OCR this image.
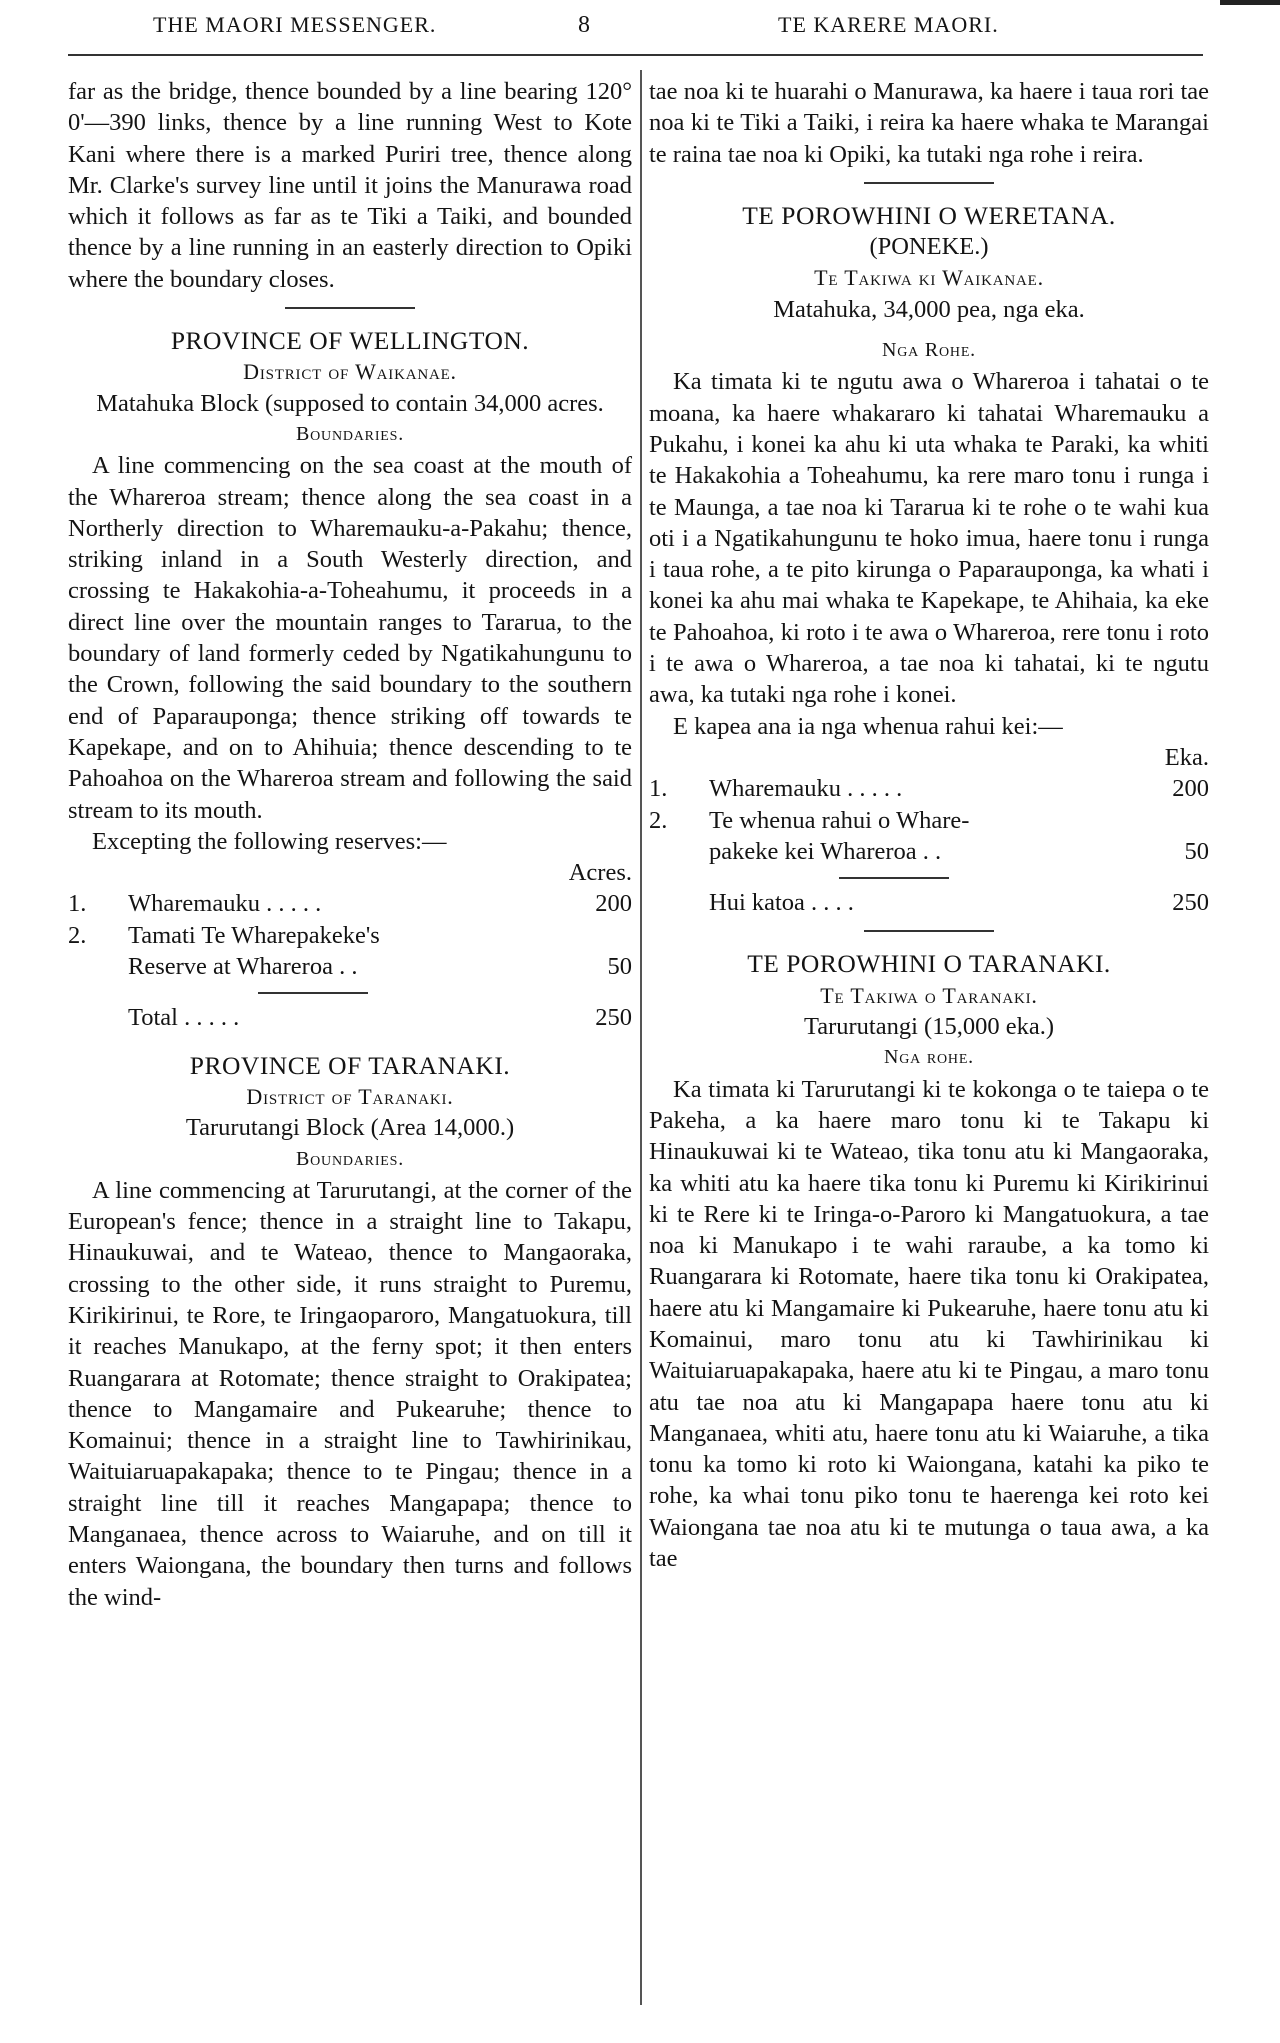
THE MAORI MESSENGER.	8	TE KARERE MAORI.

far as the bridge, thence bounded by a line bearing 120° 0'—390 links, thence by a line running West to Kote Kani where there is a marked Puriri tree, thence along Mr. Clarke's survey line until it joins the Manurawa road which it follows as far as te Tiki a Taiki, and bounded thence by a line running in an easterly direction to Opiki where the boundary closes.

PROVINCE OF WELLINGTON.
District of Waikanae.
Matahuka Block (supposed to contain 34,000 acres.
Boundaries.

A line commencing on the sea coast at the mouth of the Whareroa stream; thence along the sea coast in a Northerly direction to Wharemauku-a-Pakahu; thence, striking inland in a South Westerly direction, and crossing te Hakakohia-a-Toheahumu, it proceeds in a direct line over the mountain ranges to Tararua, to the boundary of land formerly ceded by Ngatikahungunu to the Crown, following the said boundary to the southern end of Paparauponga; thence striking off towards te Kapekape, and on to Ahihuia; thence descending to te Pahoahoa on the Whareroa stream and following the said stream to its mouth.

Excepting the following reserves:—

Acres.
1.	Wharemauku . . . . .	200
2.	Tamati Te Wharepakeke's
Reserve at Whareroa . .	50
Total . . . . .	250
PROVINCE OF TARANAKI.
District of Taranaki.
Tarurutangi Block (Area 14,000.)
Boundaries.

A line commencing at Tarurutangi, at the corner of the European's fence; thence in a straight line to Takapu, Hinaukuwai, and te Wateao, thence to Mangaoraka, crossing to the other side, it runs straight to Puremu, Kirikirinui, te Rore, te Iringaoparoro, Mangatuokura, till it reaches Manukapo, at the ferny spot; it then enters Ruangarara at Rotomate; thence straight to Orakipatea; thence to Mangamaire and Pukearuhe; thence to Komainui; thence in a straight line to Tawhirinikau, Waituiaruapakapaka; thence to te Pingau; thence in a straight line till it reaches Mangapapa; thence to Manganaea, thence across to Waiaruhe, and on till it enters Waiongana, the boundary then turns and follows the wind-

tae noa ki te huarahi o Manurawa, ka haere i taua rori tae noa ki te Tiki a Taiki, i reira ka haere whaka te Marangai te raina tae noa ki Opiki, ka tutaki nga rohe i reira.

TE POROWHINI O WERETANA.
(PONEKE.)
Te Takiwa ki Waikanae.
Matahuka, 34,000 pea, nga eka.
Nga Rohe.

Ka timata ki te ngutu awa o Whareroa i tahatai o te moana, ka haere whakararo ki tahatai Wharemauku a Pukahu, i konei ka ahu ki uta whaka te Paraki, ka whiti te Hakakohia a Toheahumu, ka rere maro tonu i runga i te Maunga, a tae noa ki Tararua ki te rohe o te wahi kua oti i a Ngatikahungunu te hoko imua, haere tonu i runga i taua rohe, a te pito kirunga o Paparauponga, ka whati i konei ka ahu mai whaka te Kapekape, te Ahihaia, ka eke te Pahoahoa, ki roto i te awa o Whareroa, rere tonu i roto i te awa o Whareroa, a tae noa ki tahatai, ki te ngutu awa, ka tutaki nga rohe i konei.

E kapea ana ia nga whenua rahui kei:—

Eka.
1.	Wharemauku . . . . .	200
2.	Te whenua rahui o Whare-
pakeke kei Whareroa . .	50
Hui katoa . . . .	250
TE POROWHINI O TARANAKI.
Te Takiwa o Taranaki.
Tarurutangi (15,000 eka.)
Nga rohe.

Ka timata ki Tarurutangi ki te kokonga o te taiepa o te Pakeha, a ka haere maro tonu ki te Takapu ki Hinaukuwai ki te Wateao, tika tonu atu ki Mangaoraka, ka whiti atu ka haere tika tonu ki Puremu ki Kirikirinui ki te Rere ki te Iringa-o-Paroro ki Mangatuokura, a tae noa ki Manukapo i te wahi raraube, a ka tomo ki Ruangarara ki Rotomate, haere tika tonu ki Orakipatea, haere atu ki Mangamaire ki Pukearuhe, haere tonu atu ki Komainui, maro tonu atu ki Tawhirinikau ki Waituiaruapakapaka, haere atu ki te Pingau, a maro tonu atu tae noa atu ki Mangapapa haere tonu atu ki Manganaea, whiti atu, haere tonu atu ki Waiaruhe, a tika tonu ka tomo ki roto ki Waiongana, katahi ka piko te rohe, ka whai tonu piko tonu te haerenga kei roto kei Waiongana tae noa atu ki te mutunga o taua awa, a ka tae
